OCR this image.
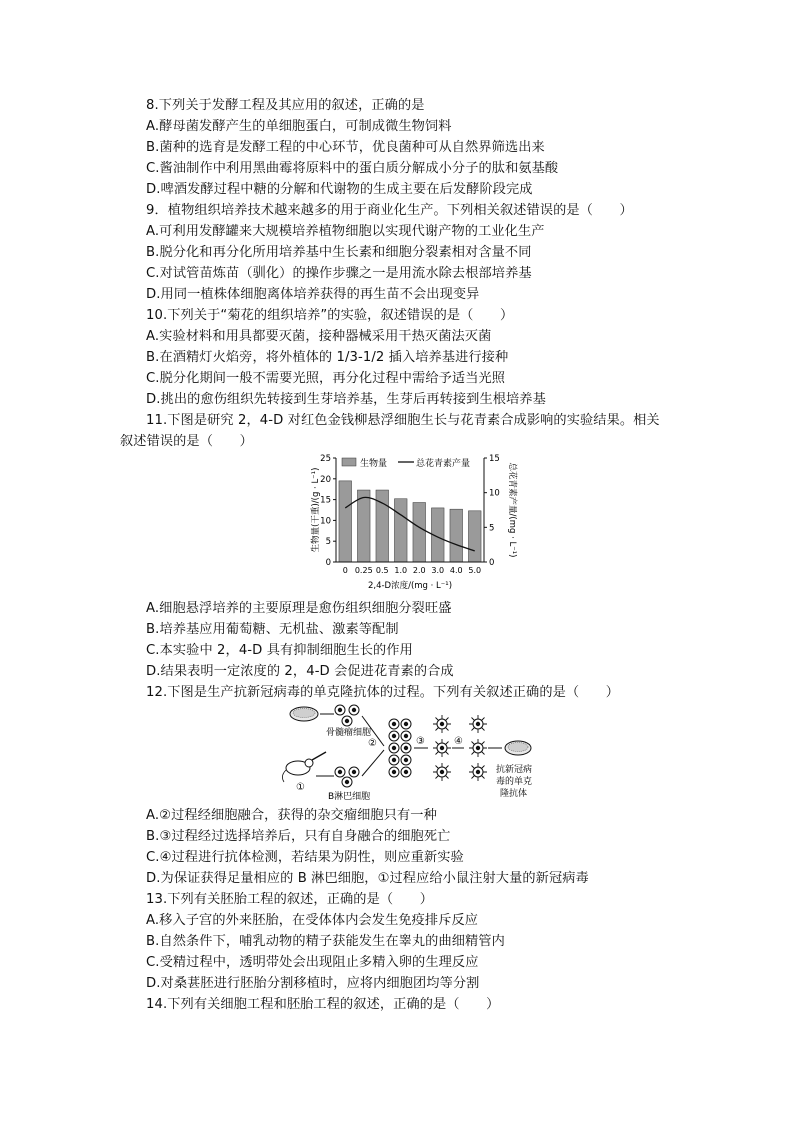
8.下列关于发酵工程及其应用的叙述，正确的是
A.酵母菌发酵产生的单细胞蛋白，可制成微生物饲料
B.菌种的选育是发酵工程的中心环节，优良菌种可从自然界筛选出来
C.酱油制作中利用黑曲霉将原料中的蛋白质分解成小分子的肽和氨基酸
D.啤酒发酵过程中糖的分解和代谢物的生成主要在后发酵阶段完成
9．植物组织培养技术越来越多的用于商业化生产。下列相关叙述错误的是（　　）
A.可利用发酵罐来大规模培养植物细胞以实现代谢产物的工业化生产
B.脱分化和再分化所用培养基中生长素和细胞分裂素相对含量不同
C.对试管苗炼苗（驯化）的操作步骤之一是用流水除去根部培养基
D.用同一植株体细胞离体培养获得的再生苗不会出现变异
10.下列关于“菊花的组织培养”的实验，叙述错误的是（　　）
A.实验材料和用具都要灭菌，接种器械采用干热灭菌法灭菌
B.在酒精灯火焰旁，将外植体的 1/3-1/2 插入培养基进行接种
C.脱分化期间一般不需要光照，再分化过程中需给予适当光照
D.挑出的愈伤组织先转接到生芽培养基，生芽后再转接到生根培养基
11.下图是研究 2，4-D 对红色金钱柳悬浮细胞生长与花青素合成影响的实验结果。相关
叙述错误的是（　　）
0
5
10
15
20
25
0
5
10
15
0 0.25 0.5 1.0 2.0 3.0 4.0 5.0
生物量	总花青素产量
2,4-D浓度/(mg · L⁻¹)
生物量(干重)/(g · L⁻¹)	总花青素产量/(mg · L⁻¹)
A.细胞悬浮培养的主要原理是愈伤组织细胞分裂旺盛
B.培养基应用葡萄糖、无机盐、激素等配制
C.本实验中 2，4-D 具有抑制细胞生长的作用
D.结果表明一定浓度的 2，4-D 会促进花青素的合成
12.下图是生产抗新冠病毒的单克隆抗体的过程。下列有关叙述正确的是（　　）
骨髓瘤细胞
①
B淋巴细胞
②	③	④
抗新冠病
毒的单克
隆抗体
A.②过程经细胞融合，获得的杂交瘤细胞只有一种
B.③过程经过选择培养后，只有自身融合的细胞死亡
C.④过程进行抗体检测，若结果为阴性，则应重新实验
D.为保证获得足量相应的 B 淋巴细胞，①过程应给小鼠注射大量的新冠病毒
13.下列有关胚胎工程的叙述，正确的是（　　）
A.移入子宫的外来胚胎，在受体体内会发生免疫排斥反应
B.自然条件下，哺乳动物的精子获能发生在睾丸的曲细精管内
C.受精过程中，透明带处会出现阻止多精入卵的生理反应
D.对桑葚胚进行胚胎分割移植时，应将内细胞团均等分割
14.下列有关细胞工程和胚胎工程的叙述，正确的是（　　）
